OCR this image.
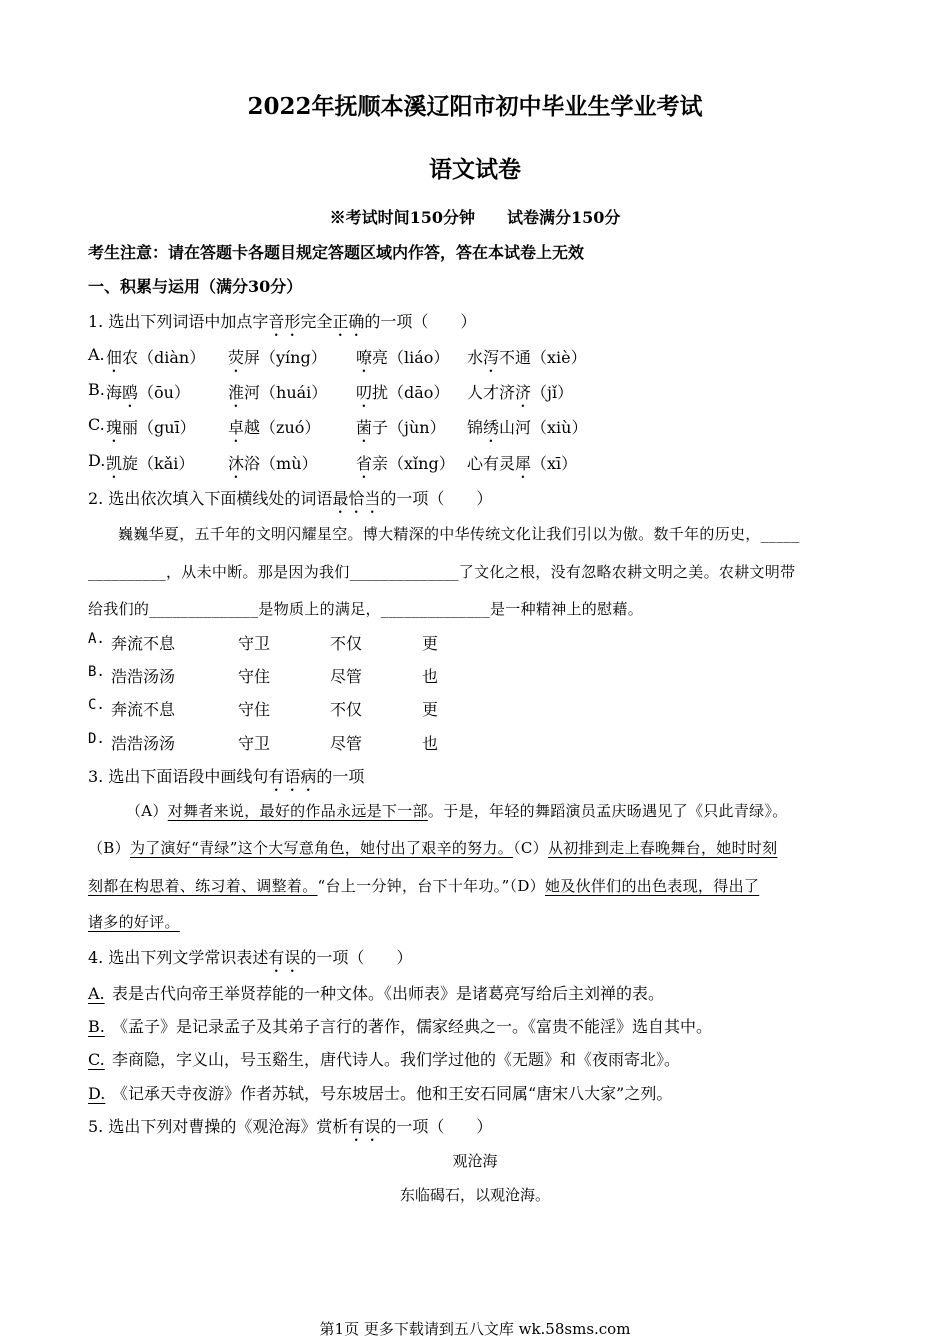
2022年抚顺本溪辽阳市初中毕业生学业考试
语文试卷
※考试时间150分钟　　试卷满分150分
考生注意：请在答题卡各题目规定答题区域内作答，答在本试卷上无效
一、积累与运用（满分30分）
1. 选出下列词语中加点字音形完全正确的一项（　　）
A. 佃农（diàn） 荧屏（yíng） 嘹亮（liáo） 水泻不通（xiè）
B. 海鸥（ōu） 淮河（huái） 叨扰（dāo） 人才济济（jǐ）
C. 瑰丽（guī） 卓越（zuó） 菌子（jùn） 锦绣山河（xiù）
D. 凯旋（kǎi） 沐浴（mù） 省亲（xǐng） 心有灵犀（xī）
2. 选出依次填入下面横线处的词语最恰当的一项（　　）
巍巍华夏，五千年的文明闪耀星空。博大精深的中华传统文化让我们引以为傲。数千年的历史，_____
__________，从未中断。那是因为我们______________了文化之根，没有忽略农耕文明之美。农耕文明带
给我们的______________是物质上的满足，______________是一种精神上的慰藉。
A. 奔流不息	守卫	不仅	更
B. 浩浩汤汤	守住	尽管	也
C. 奔流不息	守住	不仅	更
D. 浩浩汤汤	守卫	尽管	也
3. 选出下面语段中画线句有语病的一项
（A）对舞者来说，最好的作品永远是下一部。于是，年轻的舞蹈演员孟庆旸遇见了《只此青绿》。
（B）为了演好“青绿”这个大写意角色，她付出了艰辛的努力。（C）从初排到走上春晚舞台，她时时刻
刻都在构思着、练习着、调整着。“台上一分钟，台下十年功。”（D）她及伙伴们的出色表现，得出了
诸多的好评。
4. 选出下列文学常识表述有误的一项（　　）
A. 表是古代向帝王举贤荐能的一种文体。《出师表》是诸葛亮写给后主刘禅的表。
B. 《孟子》是记录孟子及其弟子言行的著作，儒家经典之一。《富贵不能淫》选自其中。
C. 李商隐，字义山，号玉谿生，唐代诗人。我们学过他的《无题》和《夜雨寄北》。
D. 《记承天寺夜游》作者苏轼，号东坡居士。他和王安石同属“唐宋八大家”之列。
5. 选出下列对曹操的《观沧海》赏析有误的一项（　　）
观沧海
东临碣石，以观沧海。
第1页 更多下载请到五八文库 wk.58sms.com
